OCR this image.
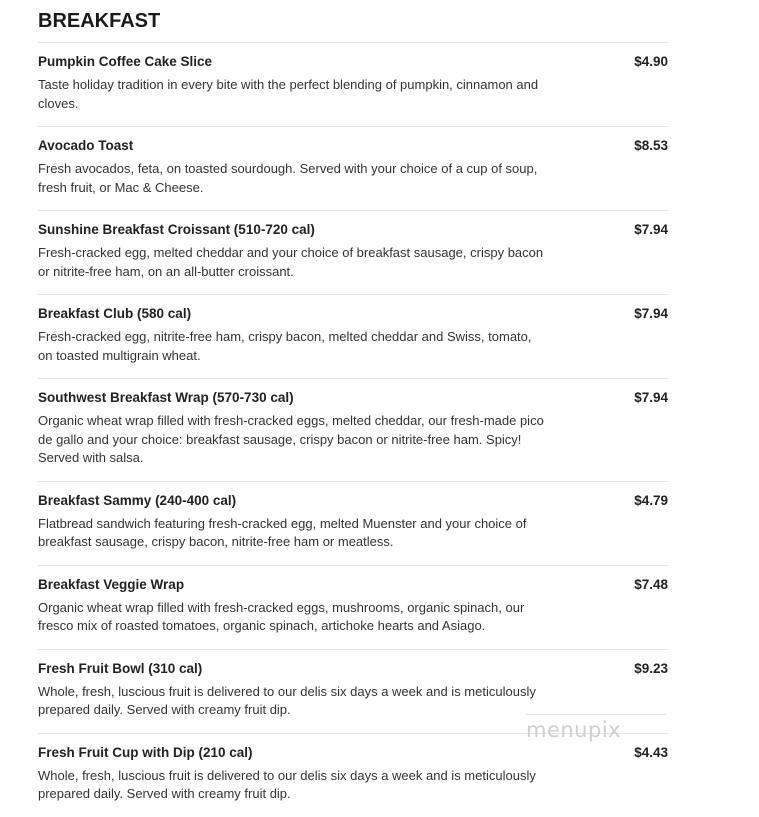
BREAKFAST
Pumpkin Coffee Cake Slice	$4.90
Taste holiday tradition in every bite with the perfect blending of pumpkin, cinnamon and cloves.
Avocado Toast	$8.53
Fresh avocados, feta, on toasted sourdough. Served with your choice of a cup of soup, fresh fruit, or Mac & Cheese.
Sunshine Breakfast Croissant (510-720 cal)	$7.94
Fresh-cracked egg, melted cheddar and your choice of breakfast sausage, crispy bacon or nitrite-free ham, on an all-butter croissant.
Breakfast Club (580 cal)	$7.94
Fresh-cracked egg, nitrite-free ham, crispy bacon, melted cheddar and Swiss, tomato, on toasted multigrain wheat.
Southwest Breakfast Wrap (570-730 cal)	$7.94
Organic wheat wrap filled with fresh-cracked eggs, melted cheddar, our fresh-made pico de gallo and your choice: breakfast sausage, crispy bacon or nitrite-free ham. Spicy! Served with salsa.
Breakfast Sammy (240-400 cal)	$4.79
Flatbread sandwich featuring fresh-cracked egg, melted Muenster and your choice of breakfast sausage, crispy bacon, nitrite-free ham or meatless.
Breakfast Veggie Wrap	$7.48
Organic wheat wrap filled with fresh-cracked eggs, mushrooms, organic spinach, our fresco mix of roasted tomatoes, organic spinach, artichoke hearts and Asiago.
Fresh Fruit Bowl (310 cal)	$9.23
Whole, fresh, luscious fruit is delivered to our delis six days a week and is meticulously prepared daily. Served with creamy fruit dip.
Fresh Fruit Cup with Dip (210 cal)	$4.43
Whole, fresh, luscious fruit is delivered to our delis six days a week and is meticulously prepared daily. Served with creamy fruit dip.
menupix
